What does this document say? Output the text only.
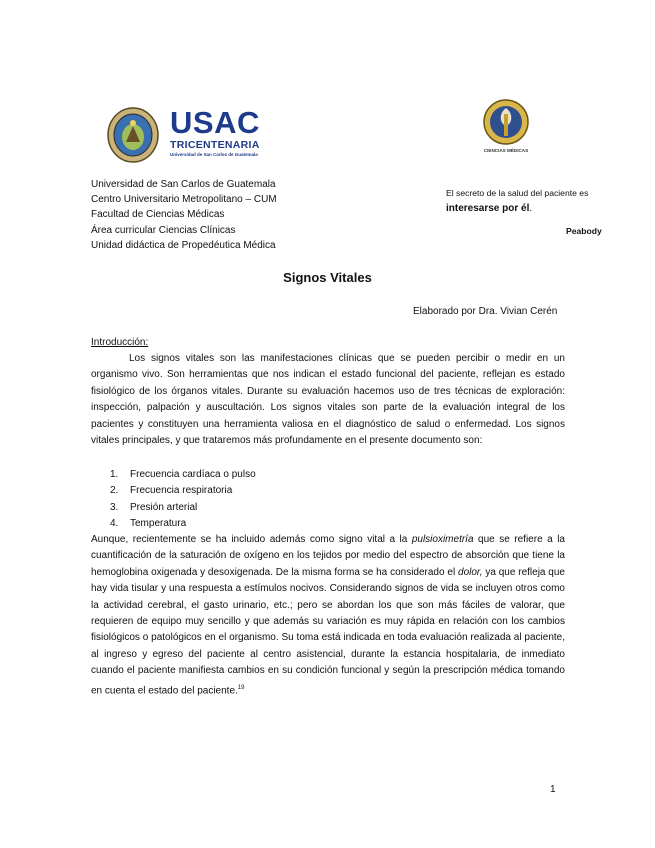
USAC
TRICENTENARIA
Universidad de San Carlos de Guatemala
CIENCIAS MÉDICAS
Universidad de San Carlos de Guatemala
Centro Universitario Metropolitano – CUM
Facultad de Ciencias Médicas
Área curricular Ciencias Clínicas
Unidad didáctica de Propedéutica Médica
El secreto de la salud del paciente es
interesarse por él.
Peabody
Signos Vitales
Elaborado por Dra. Vivian Cerén
Introducción:
Los signos vitales son las manifestaciones clínicas que se pueden percibir o medir en un organismo vivo. Son herramientas que nos indican el estado funcional del paciente, reflejan es estado fisiológico de los órganos vitales. Durante su evaluación hacemos uso de tres técnicas de exploración: inspección, palpación y auscultación. Los signos vitales son parte de la evaluación integral de los pacientes y constituyen una herramienta valiosa en el diagnóstico de salud o enfermedad. Los signos vitales principales, y que trataremos más profundamente en el presente documento son:
1. Frecuencia cardíaca o pulso
2. Frecuencia respiratoria
3. Presión arterial
4. Temperatura
Aunque, recientemente se ha incluido además como signo vital a la pulsioximetría que se refiere a la cuantificación de la saturación de oxígeno en los tejidos por medio del espectro de absorción que tiene la hemoglobina oxigenada y desoxigenada. De la misma forma se ha considerado el dolor, ya que refleja que hay vida tisular y una respuesta a estímulos nocivos. Considerando signos de vida se incluyen otros como la actividad cerebral, el gasto urinario, etc.; pero se abordan los que son más fáciles de valorar, que requieren de equipo muy sencillo y que además su variación es muy rápida en relación con los cambios fisiológicos o patológicos en el organismo. Su toma está indicada en toda evaluación realizada al paciente, al ingreso y egreso del paciente al centro asistencial, durante la estancia hospitalaria, de inmediato cuando el paciente manifiesta cambios en su condición funcional y según la prescripción médica tomando en cuenta el estado del paciente.$^{19}$
1
